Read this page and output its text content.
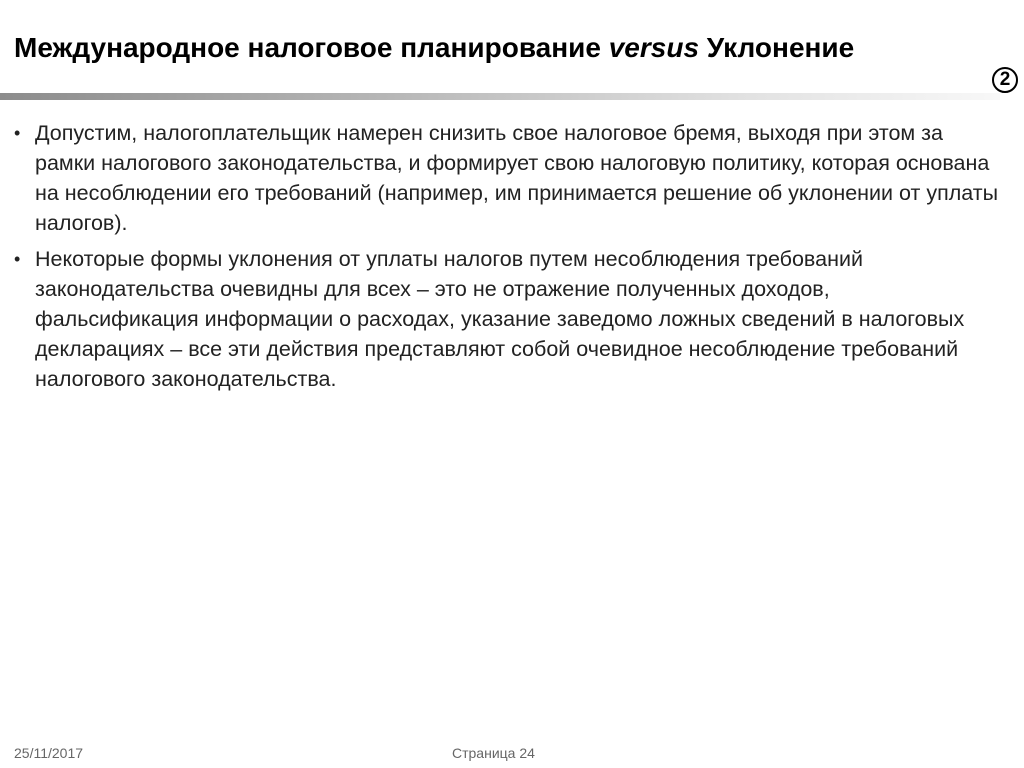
Международное налоговое планирование versus Уклонение
2
• Допустим, налогоплательщик намерен снизить свое налоговое бремя, выходя при этом за рамки налогового законодательства, и формирует свою налоговую политику, которая основана на несоблюдении его требований (например, им принимается решение об уклонении от уплаты налогов).
• Некоторые формы уклонения от уплаты налогов путем несоблюдения требований законодательства очевидны для всех – это не отражение полученных доходов, фальсификация информации о расходах, указание заведомо ложных сведений в налоговых декларациях – все эти действия представляют собой очевидное несоблюдение требований налогового законодательства.
25/11/2017	Страница 24
